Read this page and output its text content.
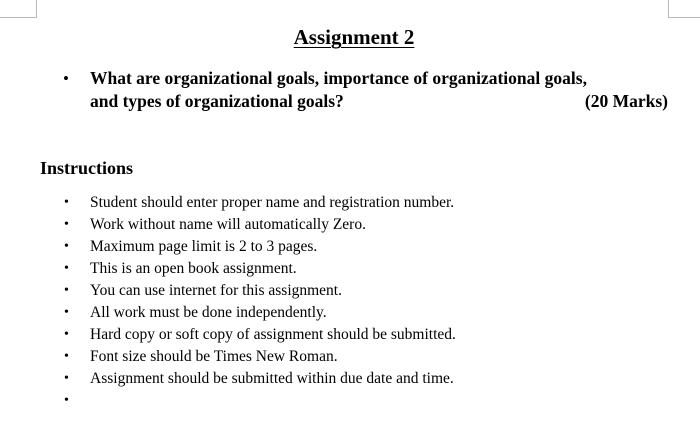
Assignment 2
• What are organizational goals, importance of organizational goals,
and types of organizational goals?	(20 Marks)
Instructions
• Student should enter proper name and registration number.
• Work without name will automatically Zero.
• Maximum page limit is 2 to 3 pages.
• This is an open book assignment.
• You can use internet for this assignment.
• All work must be done independently.
• Hard copy or soft copy of assignment should be submitted.
• Font size should be Times New Roman.
• Assignment should be submitted within due date and time.
•
